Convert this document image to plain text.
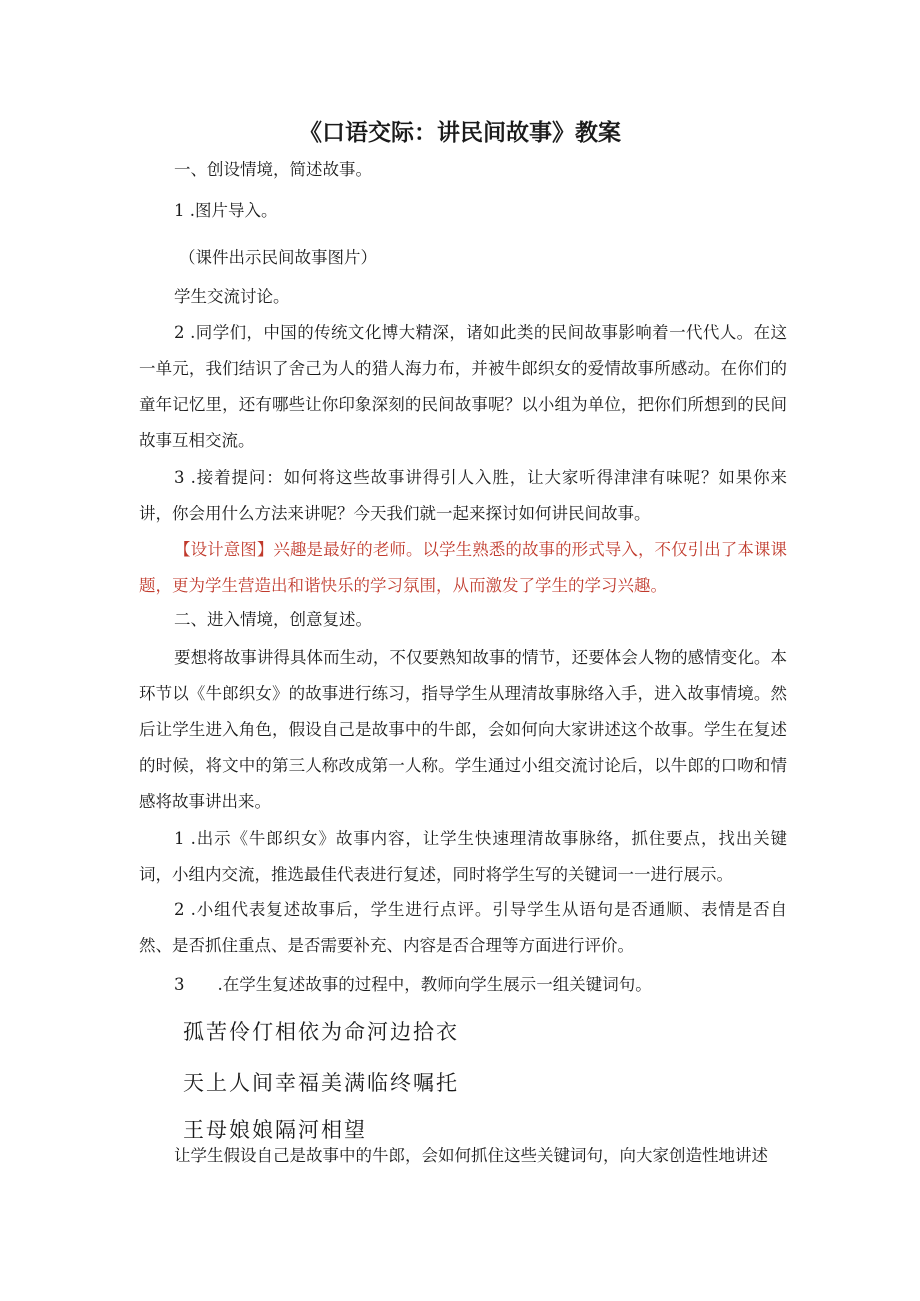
《口语交际：讲民间故事》教案
一、创设情境，简述故事。
1 .图片导入。
（课件出示民间故事图片）
学生交流讨论。
2 .同学们，中国的传统文化博大精深，诸如此类的民间故事影响着一代代人。在这一单元，我们结识了舍己为人的猎人海力布，并被牛郎织女的爱情故事所感动。在你们的童年记忆里，还有哪些让你印象深刻的民间故事呢？以小组为单位，把你们所想到的民间故事互相交流。
3 .接着提问：如何将这些故事讲得引人入胜，让大家听得津津有味呢？如果你来讲，你会用什么方法来讲呢？今天我们就一起来探讨如何讲民间故事。
【设计意图】兴趣是最好的老师。以学生熟悉的故事的形式导入，不仅引出了本课课题，更为学生营造出和谐快乐的学习氛围，从而激发了学生的学习兴趣。
二、进入情境，创意复述。
要想将故事讲得具体而生动，不仅要熟知故事的情节，还要体会人物的感情变化。本环节以《牛郎织女》的故事进行练习，指导学生从理清故事脉络入手，进入故事情境。然后让学生进入角色，假设自己是故事中的牛郎，会如何向大家讲述这个故事。学生在复述的时候，将文中的第三人称改成第一人称。学生通过小组交流讨论后，以牛郎的口吻和情感将故事讲出来。
1 .出示《牛郎织女》故事内容，让学生快速理清故事脉络，抓住要点，找出关键词，小组内交流，推选最佳代表进行复述，同时将学生写的关键词一一进行展示。
2 .小组代表复述故事后，学生进行点评。引导学生从语句是否通顺、表情是否自然、是否抓住重点、是否需要补充、内容是否合理等方面进行评价。
3　　.在学生复述故事的过程中，教师向学生展示一组关键词句。
孤苦伶仃相依为命河边拾衣
天上人间幸福美满临终嘱托
王母娘娘隔河相望
让学生假设自己是故事中的牛郎，会如何抓住这些关键词句，向大家创造性地讲述
